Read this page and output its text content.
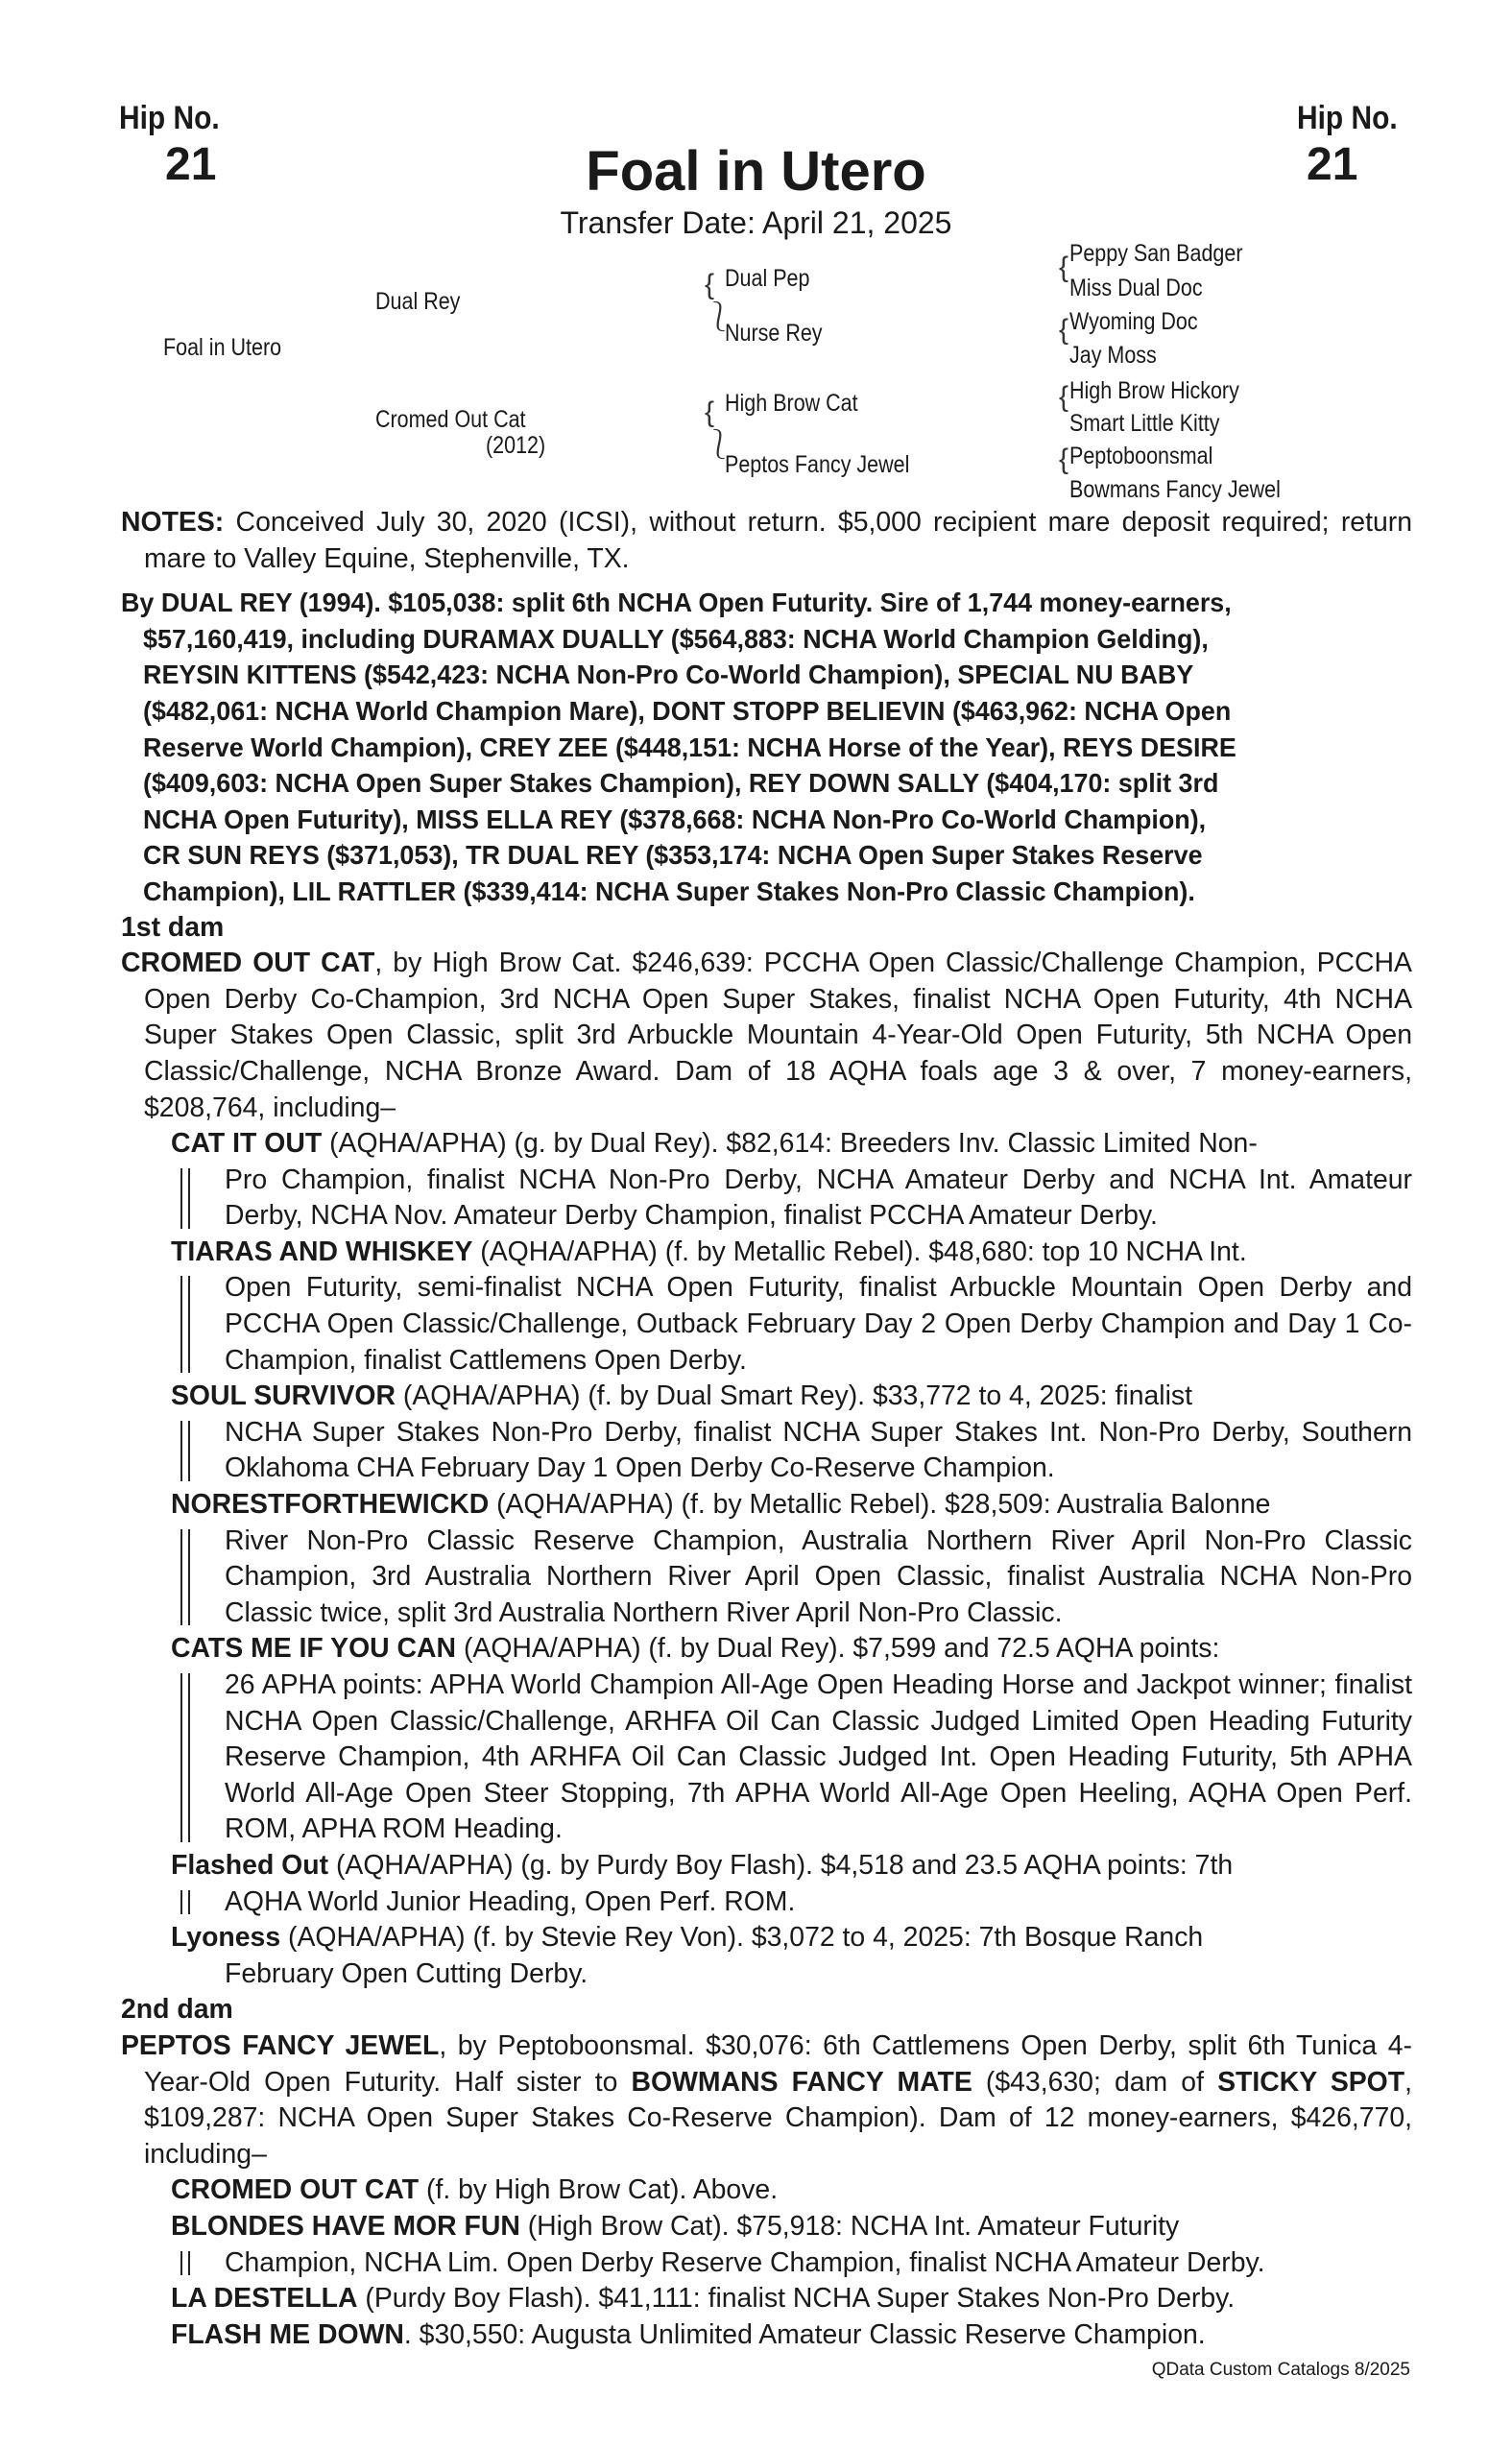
Hip No.
21
Hip No.
21
Foal in Utero
Transfer Date: April 21, 2025
Foal in Utero
Dual Rey
Cromed Out Cat
(2012)
{
⎱
Dual Pep
Nurse Rey
{
⎱
High Brow Cat
Peptos Fancy Jewel
{
{
{
{
Peppy San Badger
Miss Dual Doc
Wyoming Doc
Jay Moss
High Brow Hickory
Smart Little Kitty
Peptoboonsmal
Bowmans Fancy Jewel
NOTES: Conceived July 30, 2020 (ICSI), without return. $5,000 recipient mare deposit required; return mare to Valley Equine, Stephenville, TX.
By DUAL REY (1994). $105,038: split 6th NCHA Open Futurity. Sire of 1,744 money-earners,
$57,160,419, including DURAMAX DUALLY ($564,883: NCHA World Champion Gelding),
REYSIN KITTENS ($542,423: NCHA Non-Pro Co-World Champion), SPECIAL NU BABY
($482,061: NCHA World Champion Mare), DONT STOPP BELIEVIN ($463,962: NCHA Open
Reserve World Champion), CREY ZEE ($448,151: NCHA Horse of the Year), REYS DESIRE
($409,603: NCHA Open Super Stakes Champion), REY DOWN SALLY ($404,170: split 3rd
NCHA Open Futurity), MISS ELLA REY ($378,668: NCHA Non-Pro Co-World Champion),
CR SUN REYS ($371,053), TR DUAL REY ($353,174: NCHA Open Super Stakes Reserve
Champion), LIL RATTLER ($339,414: NCHA Super Stakes Non-Pro Classic Champion).
1st dam
CROMED OUT CAT, by High Brow Cat. $246,639: PCCHA Open Classic/Challenge Champion, PCCHA Open Derby Co-Champion, 3rd NCHA Open Super Stakes, finalist NCHA Open Futurity, 4th NCHA Super Stakes Open Classic, split 3rd Arbuckle Mountain 4-Year-Old Open Futurity, 5th NCHA Open Classic/Challenge, NCHA Bronze Award. Dam of 18 AQHA foals age 3 & over, 7 money-earners, $208,764, including–
CAT IT OUT (AQHA/APHA) (g. by Dual Rey). $82,614: Breeders Inv. Classic Limited Non-
Pro Champion, finalist NCHA Non-Pro Derby, NCHA Amateur Derby and NCHA Int. Amateur Derby, NCHA Nov. Amateur Derby Champion, finalist PCCHA Amateur Derby.
TIARAS AND WHISKEY (AQHA/APHA) (f. by Metallic Rebel). $48,680: top 10 NCHA Int.
Open Futurity, semi-finalist NCHA Open Futurity, finalist Arbuckle Mountain Open Derby and PCCHA Open Classic/Challenge, Outback February Day 2 Open Derby Champion and Day 1 Co-Champion, finalist Cattlemens Open Derby.
SOUL SURVIVOR (AQHA/APHA) (f. by Dual Smart Rey). $33,772 to 4, 2025: finalist
NCHA Super Stakes Non-Pro Derby, finalist NCHA Super Stakes Int. Non-Pro Derby, Southern Oklahoma CHA February Day 1 Open Derby Co-Reserve Champion.
NORESTFORTHEWICKD (AQHA/APHA) (f. by Metallic Rebel). $28,509: Australia Balonne
River Non-Pro Classic Reserve Champion, Australia Northern River April Non-Pro Classic Champion, 3rd Australia Northern River April Open Classic, finalist Australia NCHA Non-Pro Classic twice, split 3rd Australia Northern River April Non-Pro Classic.
CATS ME IF YOU CAN (AQHA/APHA) (f. by Dual Rey). $7,599 and 72.5 AQHA points:
26 APHA points: APHA World Champion All-Age Open Heading Horse and Jackpot winner; finalist NCHA Open Classic/Challenge, ARHFA Oil Can Classic Judged Limited Open Heading Futurity Reserve Champion, 4th ARHFA Oil Can Classic Judged Int. Open Heading Futurity, 5th APHA World All-Age Open Steer Stopping, 7th APHA World All-Age Open Heeling, AQHA Open Perf. ROM, APHA ROM Heading.
Flashed Out (AQHA/APHA) (g. by Purdy Boy Flash). $4,518 and 23.5 AQHA points: 7th
AQHA World Junior Heading, Open Perf. ROM.
Lyoness (AQHA/APHA) (f. by Stevie Rey Von). $3,072 to 4, 2025: 7th Bosque Ranch
February Open Cutting Derby.
2nd dam
PEPTOS FANCY JEWEL, by Peptoboonsmal. $30,076: 6th Cattlemens Open Derby, split 6th Tunica 4-Year-Old Open Futurity. Half sister to BOWMANS FANCY MATE ($43,630; dam of STICKY SPOT, $109,287: NCHA Open Super Stakes Co-Reserve Champion). Dam of 12 money-earners, $426,770, including–
CROMED OUT CAT (f. by High Brow Cat). Above.
BLONDES HAVE MOR FUN (High Brow Cat). $75,918: NCHA Int. Amateur Futurity
Champion, NCHA Lim. Open Derby Reserve Champion, finalist NCHA Amateur Derby.
LA DESTELLA (Purdy Boy Flash). $41,111: finalist NCHA Super Stakes Non-Pro Derby.
FLASH ME DOWN. $30,550: Augusta Unlimited Amateur Classic Reserve Champion.
QData Custom Catalogs 8/2025
